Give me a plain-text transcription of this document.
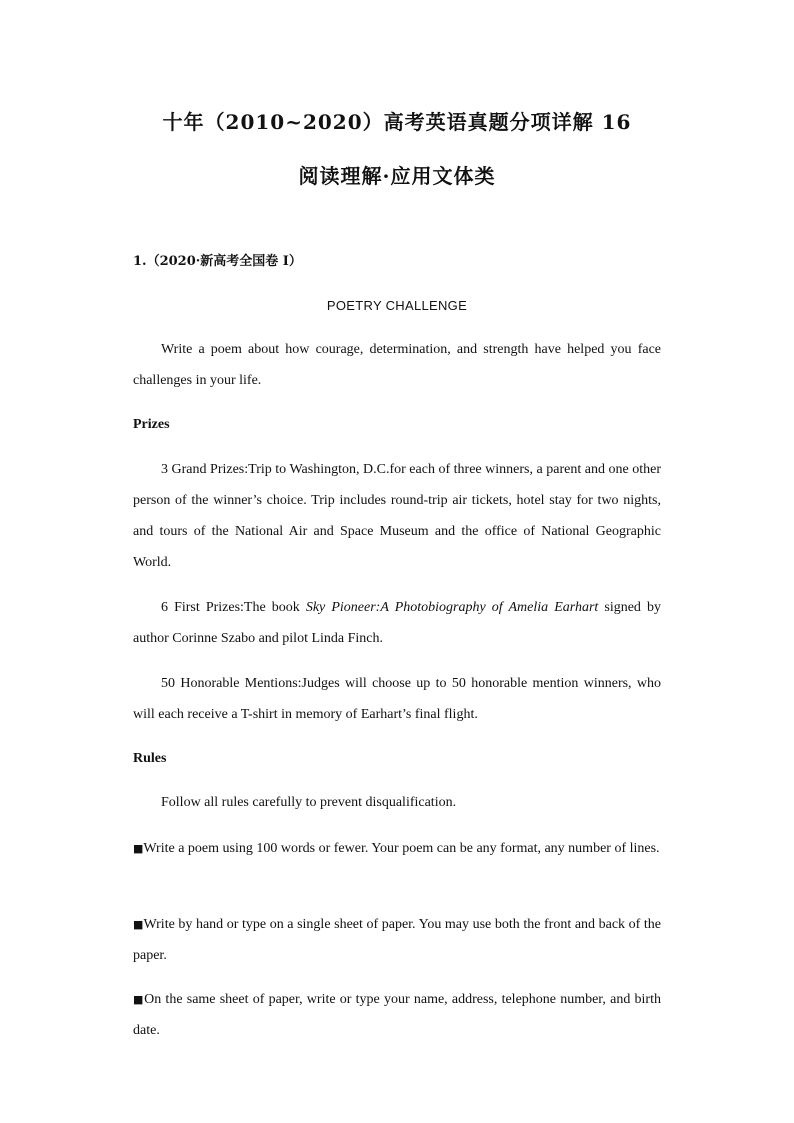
十年（2010~2020）高考英语真题分项详解 16
阅读理解·应用文体类
1.（2020·新高考全国卷 I）
POETRY CHALLENGE
Write a poem about how courage, determination, and strength have helped you face challenges in your life.
Prizes
3 Grand Prizes:Trip to Washington, D.C.for each of three winners, a parent and one other person of the winner’s choice. Trip includes round-trip air tickets, hotel stay for two nights, and tours of the National Air and Space Museum and the office of National Geographic World.
6 First Prizes:The book Sky Pioneer:A Photobiography of Amelia Earhart signed by author Corinne Szabo and pilot Linda Finch.
50 Honorable Mentions:Judges will choose up to 50 honorable mention winners, who will each receive a T-shirt in memory of Earhart’s final flight.
Rules
Follow all rules carefully to prevent disqualification.
■Write a poem using 100 words or fewer. Your poem can be any format, any number of lines.
■Write by hand or type on a single sheet of paper. You may use both the front and back of the paper.
■On the same sheet of paper, write or type your name, address, telephone number, and birth date.
